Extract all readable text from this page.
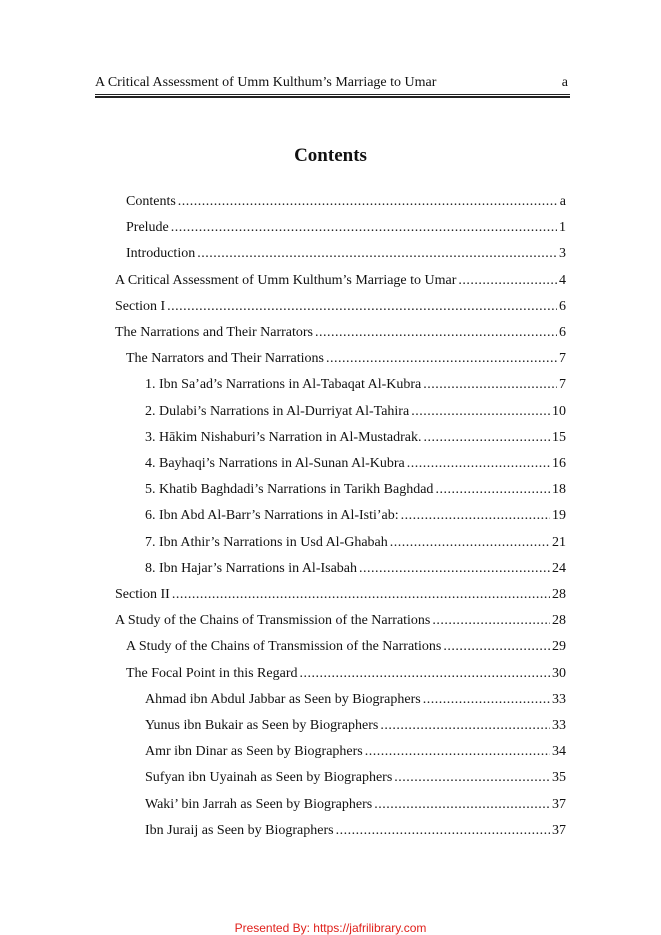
A Critical Assessment of Umm Kulthum’s Marriage to Umar	a
Contents
Contents .....	a
Prelude .....	1
Introduction .....	3
A Critical Assessment of Umm Kulthum’s Marriage to Umar .....	4
Section I .....	6
The Narrations and Their Narrators .....	6
The Narrators and Their Narrations .....	7
1. Ibn Sa’ad’s Narrations in Al-Tabaqat Al-Kubra .....	7
2. Dulabi’s Narrations in Al-Durriyat Al-Tahira .....	10
3. Hākim Nishaburi’s Narration in Al-Mustadrak. .....	15
4. Bayhaqi’s Narrations in Al-Sunan Al-Kubra .....	16
5. Khatib Baghdadi’s Narrations in Tarikh Baghdad .....	18
6. Ibn Abd Al-Barr’s Narrations in Al-Isti’ab: .....	19
7. Ibn Athir’s Narrations in Usd Al-Ghabah .....	21
8. Ibn Hajar’s Narrations in Al-Isabah .....	24
Section II .....	28
A Study of the Chains of Transmission of the Narrations .....	28
A Study of the Chains of Transmission of the Narrations .....	29
The Focal Point in this Regard .....	30
Ahmad ibn Abdul Jabbar as Seen by Biographers .....	33
Yunus ibn Bukair as Seen by Biographers .....	33
Amr ibn Dinar as Seen by Biographers .....	34
Sufyan ibn Uyainah as Seen by Biographers .....	35
Waki’ bin Jarrah as Seen by Biographers .....	37
Ibn Juraij as Seen by Biographers .....	37
Presented By: https://jafrilibrary.com
